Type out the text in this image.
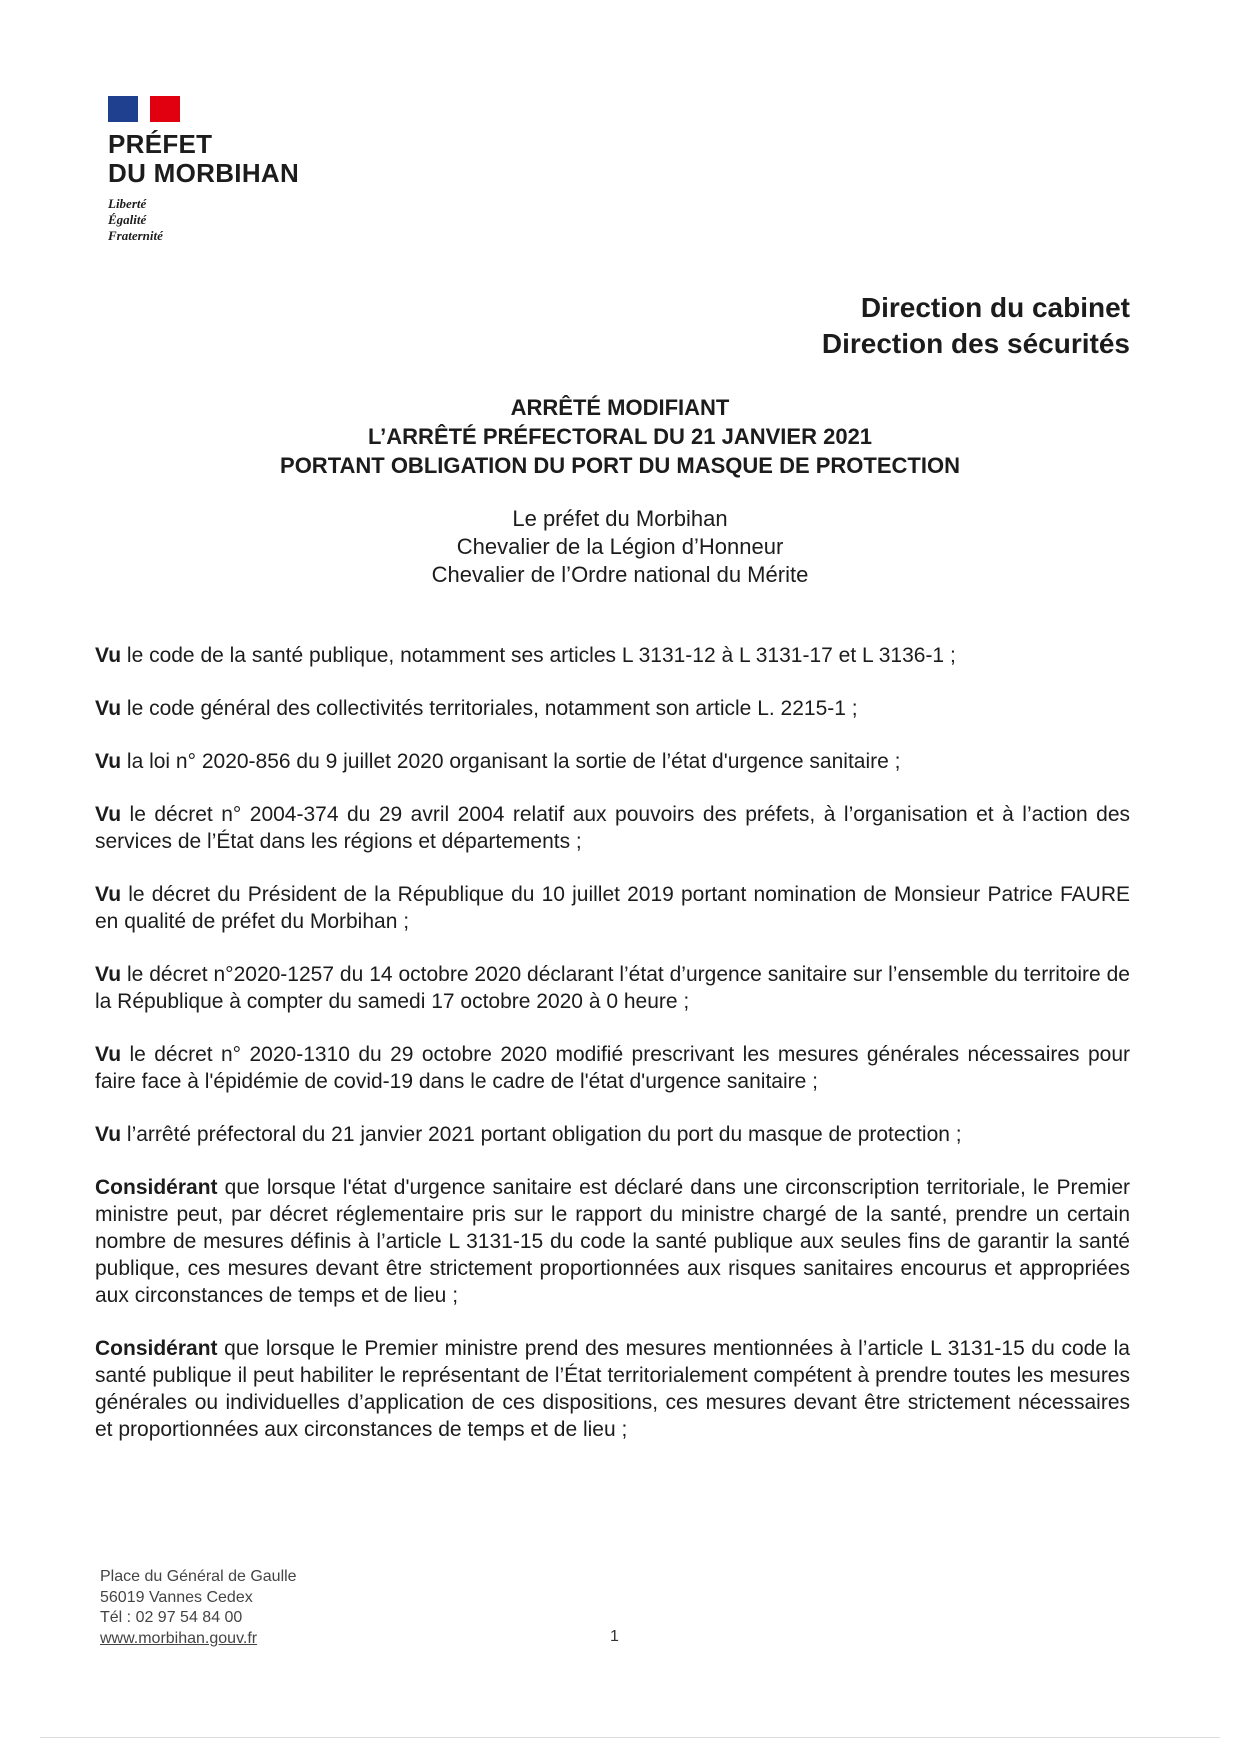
PRÉFET
DU MORBIHAN
Liberté
Égalité
Fraternité
Direction du cabinet
Direction des sécurités
ARRÊTÉ MODIFIANT
L’ARRÊTÉ PRÉFECTORAL DU 21 JANVIER 2021
PORTANT OBLIGATION DU PORT DU MASQUE DE PROTECTION
Le préfet du Morbihan
Chevalier de la Légion d’Honneur
Chevalier de l’Ordre national du Mérite

Vu le code de la santé publique, notamment ses articles L 3131-12 à L 3131-17 et L 3136-1 ;

Vu le code général des collectivités territoriales, notamment son article L. 2215-1 ;

Vu la loi n° 2020-856 du 9 juillet 2020 organisant la sortie de l’état d'urgence sanitaire ;

Vu le décret n° 2004-374 du 29 avril 2004 relatif aux pouvoirs des préfets, à l’organisation et à l’action des services de l’État dans les régions et départements ;

Vu le décret du Président de la République du 10 juillet 2019 portant nomination de Monsieur Patrice FAURE en qualité de préfet du Morbihan ;

Vu le décret n°2020-1257 du 14 octobre 2020 déclarant l’état d’urgence sanitaire sur l’ensemble du territoire de la République à compter du samedi 17 octobre 2020 à 0 heure ;

Vu le décret n° 2020-1310 du 29 octobre 2020 modifié prescrivant les mesures générales nécessaires pour faire face à l'épidémie de covid-19 dans le cadre de l'état d'urgence sanitaire ;

Vu l’arrêté préfectoral du 21 janvier 2021 portant obligation du port du masque de protection ;

Considérant que lorsque l'état d'urgence sanitaire est déclaré dans une circonscription territoriale, le Premier ministre peut, par décret réglementaire pris sur le rapport du ministre chargé de la santé, prendre un certain nombre de mesures définis à l’article L 3131-15 du code la santé publique aux seules fins de garantir la santé publique, ces mesures devant être strictement proportionnées aux risques sanitaires encourus et appropriées aux circonstances de temps et de lieu ;

Considérant que lorsque le Premier ministre prend des mesures mentionnées à l’article L 3131-15 du code la santé publique il peut habiliter le représentant de l’État territorialement compétent à prendre toutes les mesures générales ou individuelles d’application de ces dispositions, ces mesures devant être strictement nécessaires et proportionnées aux circonstances de temps et de lieu ;

Place du Général de Gaulle
56019 Vannes Cedex
Tél : 02 97 54 84 00
www.morbihan.gouv.fr	1
